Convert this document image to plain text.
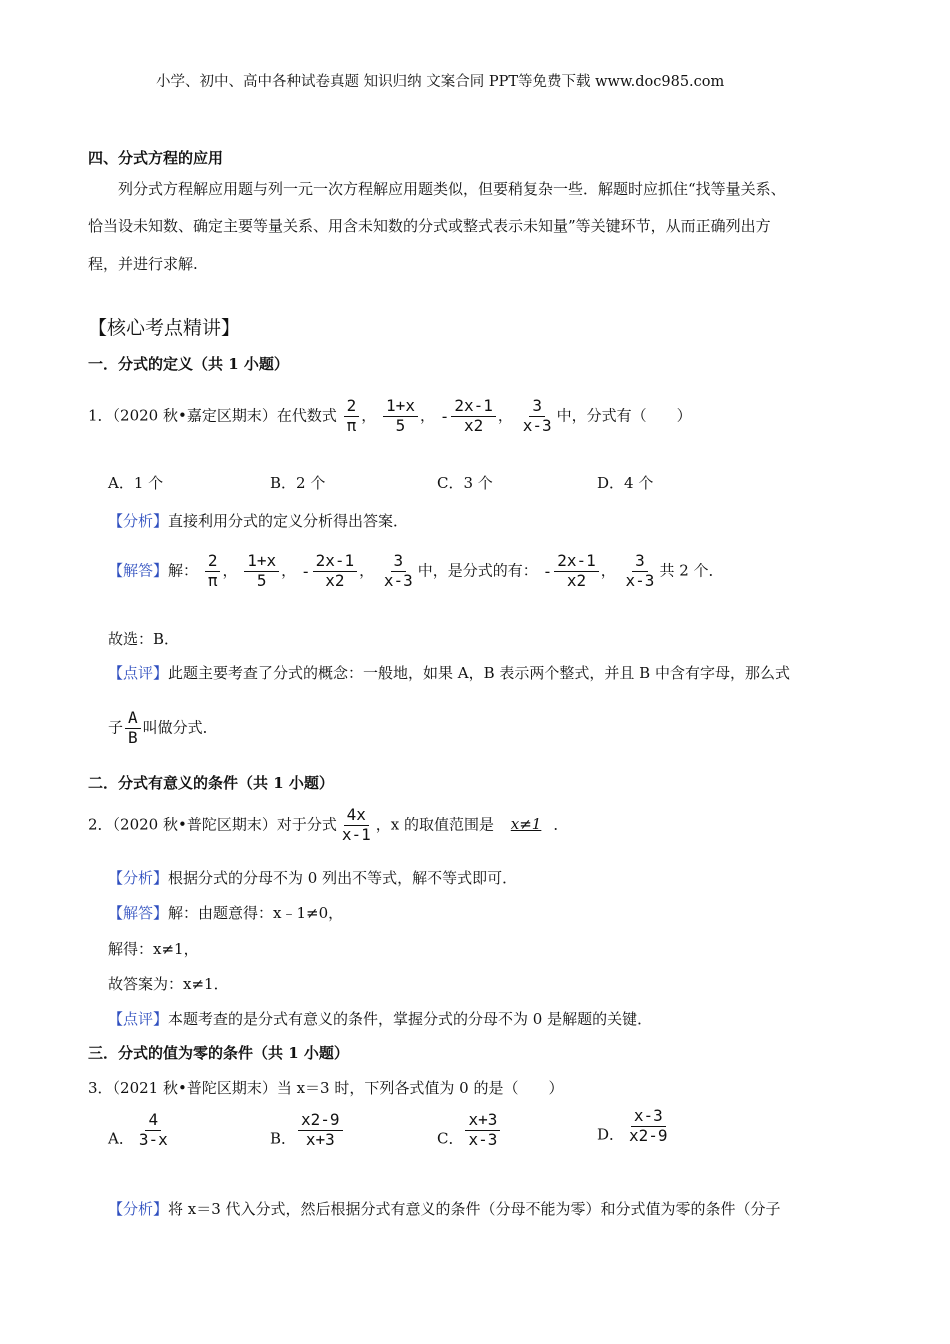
小学、初中、高中各种试卷真题 知识归纳 文案合同 PPT等免费下载 www.doc985.com
四、分式方程的应用
列分式方程解应用题与列一元一次方程解应用题类似，但要稍复杂一些．解题时应抓住“找等量关系、
恰当设未知数、确定主要等量关系、用含未知数的分式或整式表示未知量”等关键环节，从而正确列出方
程，并进行求解.
【核心考点精讲】
一．分式的定义（共 1 小题）
1．（2020 秋•嘉定区期末）在代数式 $\frac{2}{\pi}$ ， $\frac{1+x}{5}$ ， - $\frac{2x-1}{x2}$ ， $\frac{3}{x-3}$ 中，分式有（　　）
A．1 个	B．2 个	C．3 个	D．4 个
【分析】直接利用分式的定义分析得出答案．
【解答】解： $\frac{2}{\pi}$ ， $\frac{1+x}{5}$ ， - $\frac{2x-1}{x2}$ ， $\frac{3}{x-3}$ 中，是分式的有： - $\frac{2x-1}{x2}$ ， $\frac{3}{x-3}$ 共 2 个．
故选：B．
【点评】此题主要考查了分式的概念：一般地，如果 A，B 表示两个整式，并且 B 中含有字母，那么式
子 $\frac{A}{B}$ 叫做分式．
二．分式有意义的条件（共 1 小题）
2．（2020 秋•普陀区期末）对于分式 $\frac{4x}{x-1}$ ，x 的取值范围是 x≠1 ．
【分析】根据分式的分母不为 0 列出不等式，解不等式即可．
【解答】解：由题意得：x﹣1≠0，
解得：x≠1，
故答案为：x≠1．
【点评】本题考查的是分式有意义的条件，掌握分式的分母不为 0 是解题的关键．
三．分式的值为零的条件（共 1 小题）
3．（2021 秋•普陀区期末）当 x＝3 时，下列各式值为 0 的是（　　）
A． $\frac{4}{3-x}$	B． $\frac{x2-9}{x+3}$	C． $\frac{x+3}{x-3}$	D． $\frac{x-3}{x2-9}$
【分析】将 x＝3 代入分式，然后根据分式有意义的条件（分母不能为零）和分式值为零的条件（分子
